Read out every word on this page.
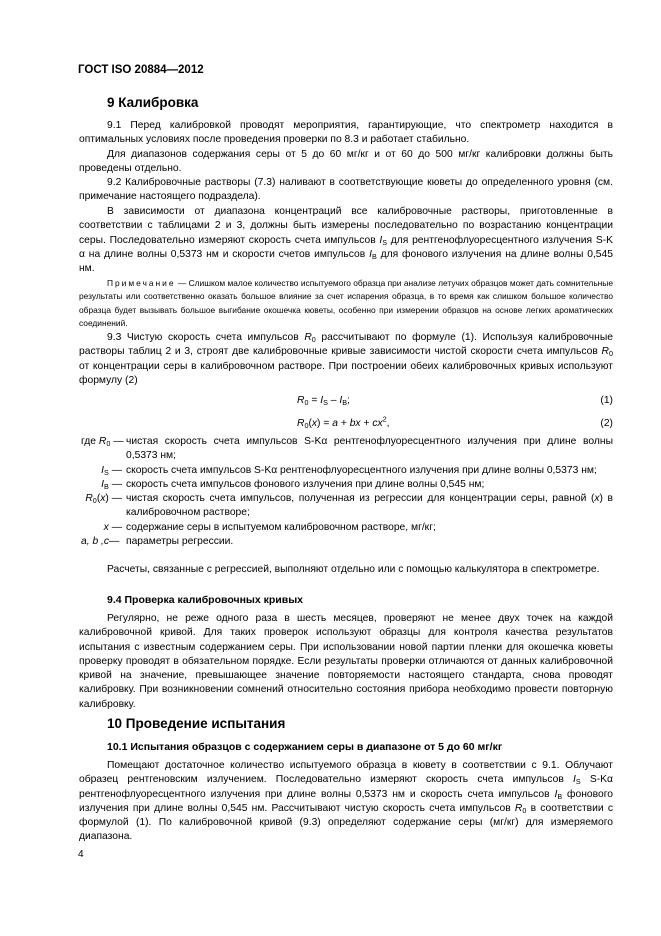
ГОСТ ISO 20884—2012
9 Калибровка
9.1 Перед калибровкой проводят мероприятия, гарантирующие, что спектрометр находится в оптимальных условиях после проведения проверки по 8.3 и работает стабильно.
Для диапазонов содержания серы от 5 до 60 мг/кг и от 60 до 500 мг/кг калибровки должны быть проведены отдельно.
9.2 Калибровочные растворы (7.3) наливают в соответствующие кюветы до определенного уровня (см. примечание настоящего подраздела).
В зависимости от диапазона концентраций все калибровочные растворы, приготовленные в соответствии с таблицами 2 и 3, должны быть измерены последовательно по возрастанию концентрации серы. Последовательно измеряют скорость счета импульсов $I_S$ для рентгенофлуоресцентного излучения S-K α на длине волны 0,5373 нм и скорости счетов импульсов $I_B$ для фонового излучения на длине волны 0,545 нм.
Примечание — Слишком малое количество испытуемого образца при анализе летучих образцов может дать сомнительные результаты или соответственно оказать большое влияние за счет испарения образца, в то время как слишком большое количество образца будет вызывать большое выгибание окошечка кюветы, особенно при измерении образцов на основе легких ароматических соединений.
9.3 Чистую скорость счета импульсов $R_0$ рассчитывают по формуле (1). Используя калибровочные растворы таблиц 2 и 3, строят две калибровочные кривые зависимости чистой скорости счета импульсов $R_0$ от концентрации серы в калибровочном растворе. При построении обеих калибровочных кривых используют формулу (2)
$R_0 = I_S - I_B$;	(1)
$R_0(x) = a$ + bx + $cx^2$,	(2)
где $R_0$ — чистая скорость счета импульсов S-Kα рентгенофлуоресцентного излучения при длине волны 0,5373 нм;
$I_S$ — скорость счета импульсов S-Kα рентгенофлуоресцентного излучения при длине волны 0,5373 нм;
$I_B$ — скорость счета импульсов фонового излучения при длине волны 0,545 нм;
$R_0(x)$ — чистая скорость счета импульсов, полученная из регрессии для концентрации серы, равной (x) в калибровочном растворе;
x — содержание серы в испытуемом калибровочном растворе, мг/кг;
a, b ,c— параметры регрессии.
Расчеты, связанные с регрессией, выполняют отдельно или с помощью калькулятора в спектрометре.
9.4 Проверка калибровочных кривых
Регулярно, не реже одного раза в шесть месяцев, проверяют не менее двух точек на каждой калибровочной кривой. Для таких проверок используют образцы для контроля качества результатов испытания с известным содержанием серы. При использовании новой партии пленки для окошечка кюветы проверку проводят в обязательном порядке. Если результаты проверки отличаются от данных калибровочной кривой на значение, превышающее значение повторяемости настоящего стандарта, снова проводят калибровку. При возникновении сомнений относительно состояния прибора необходимо провести повторную калибровку.
10 Проведение испытания
10.1 Испытания образцов с содержанием серы в диапазоне от 5 до 60 мг/кг
Помещают достаточное количество испытуемого образца в кювету в соответствии с 9.1. Облучают образец рентгеновским излучением. Последовательно измеряют скорость счета импульсов $I_S$ S-Kα рентгенофлуоресцентного излучения при длине волны 0,5373 нм и скорость счета импульсов $I_B$ фонового излучения при длине волны 0,545 нм. Рассчитывают чистую скорость счета импульсов $R_0$ в соответствии с формулой (1). По калибровочной кривой (9.3) определяют содержание серы (мг/кг) для измеряемого диапазона.
4
